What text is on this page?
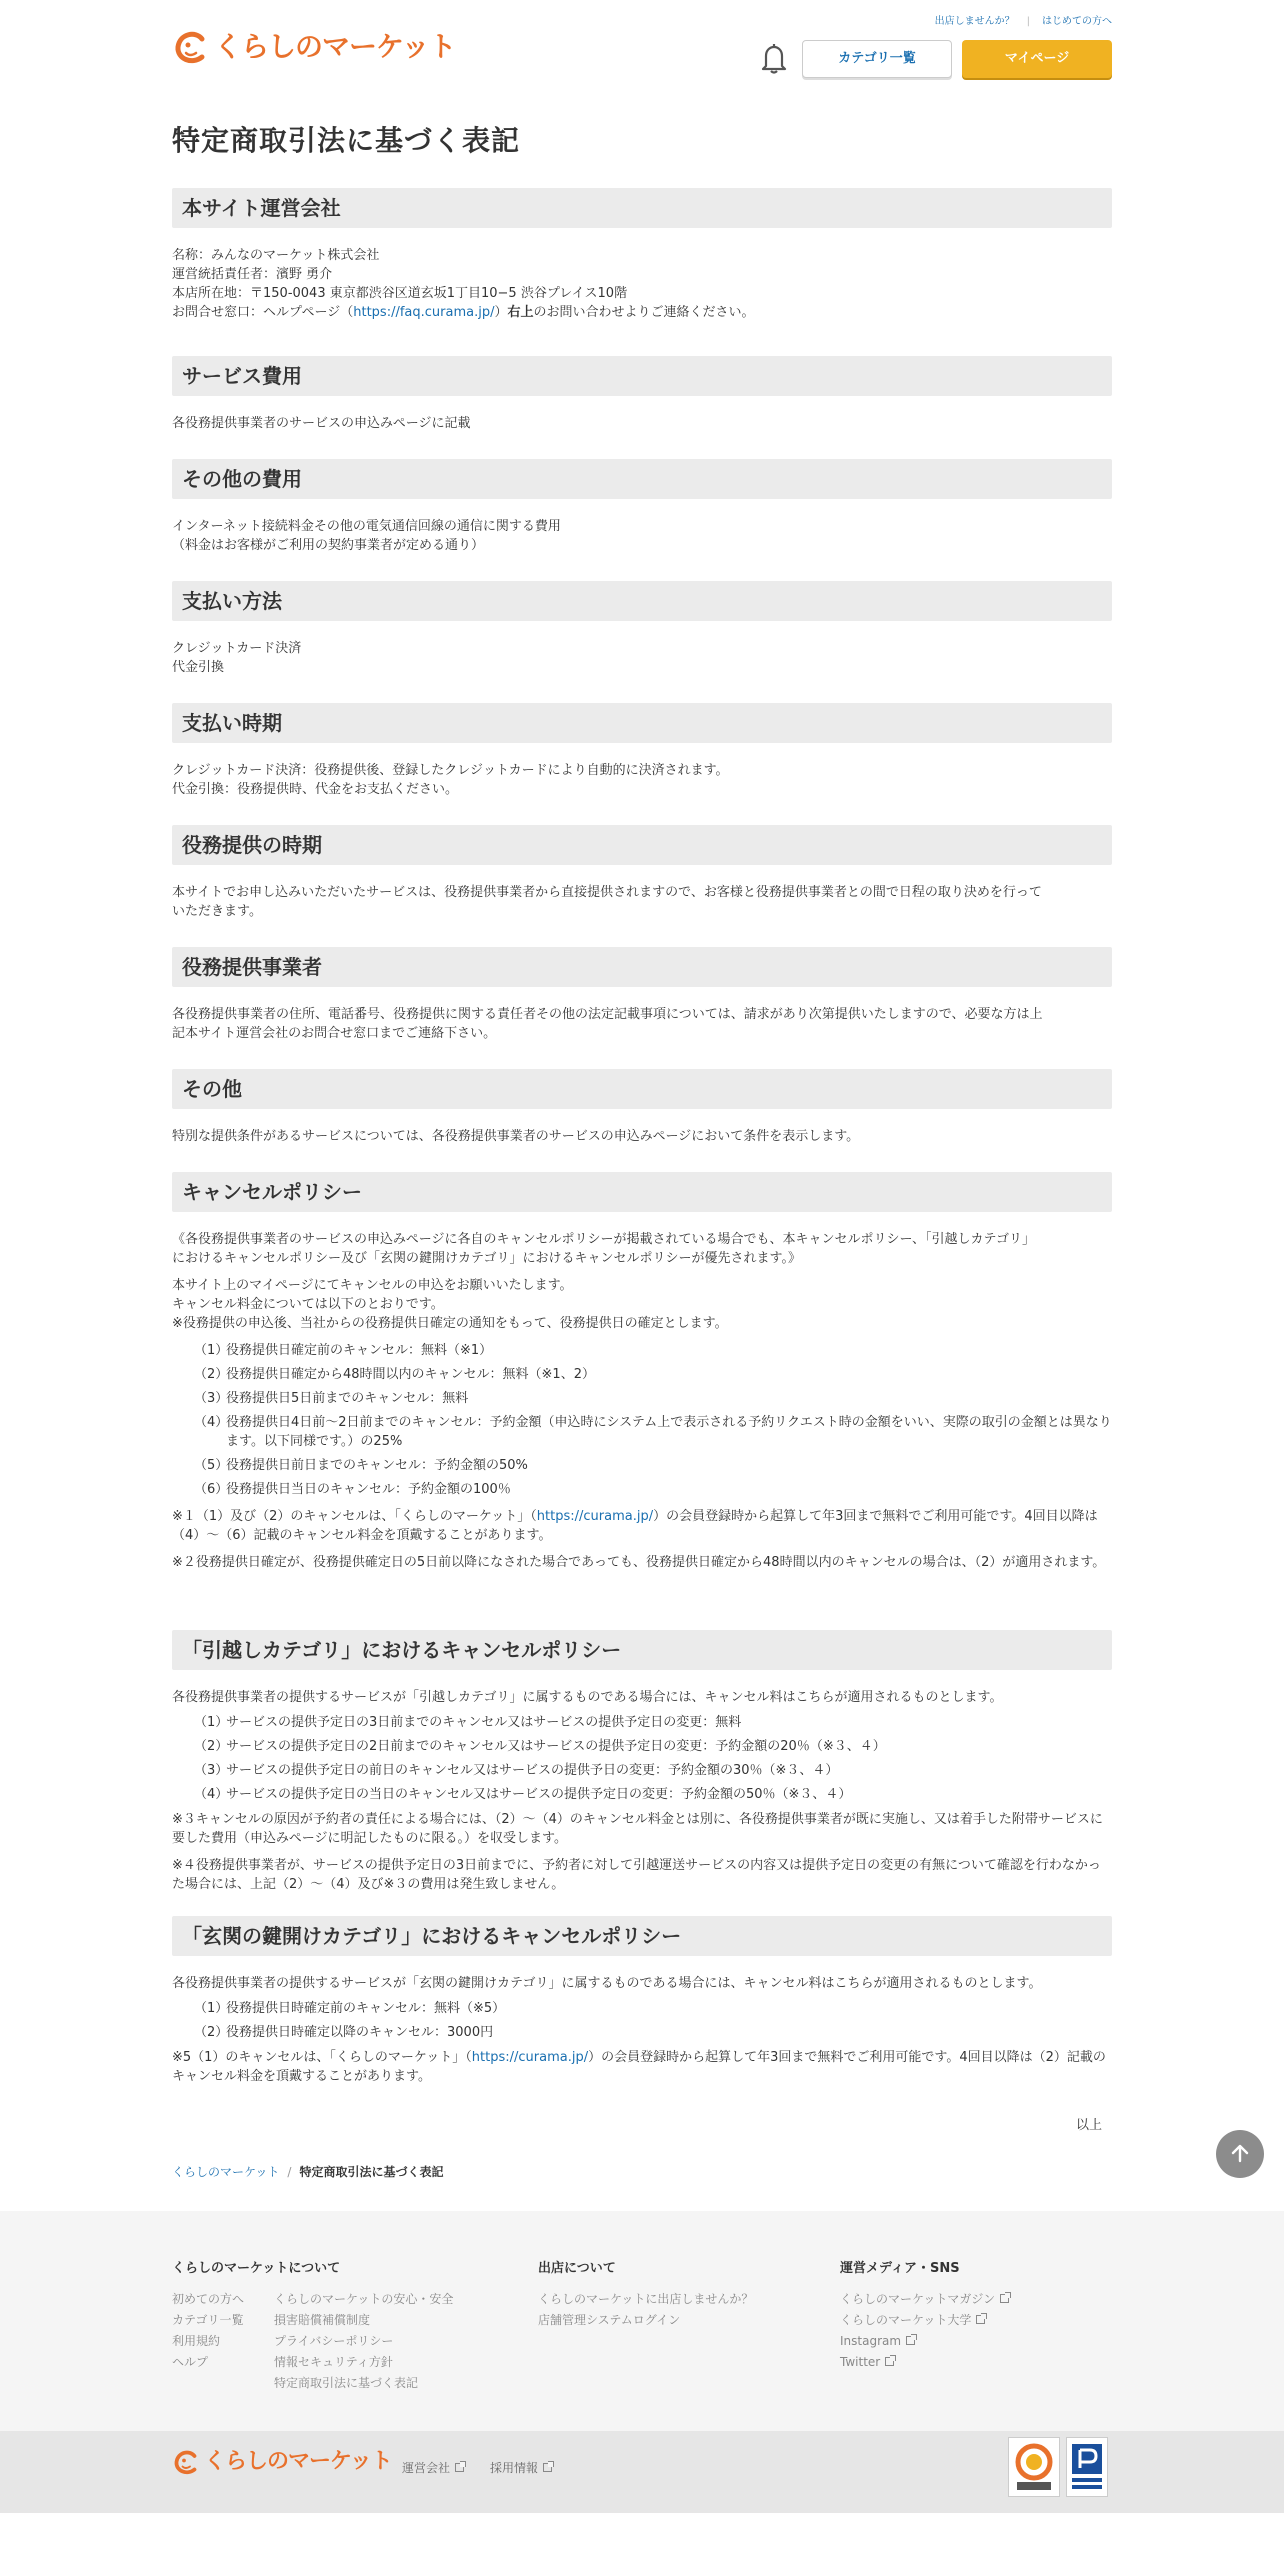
くらしのマーケット
出店しませんか？ | はじめての方へ
カテゴリ一覧	マイページ
特定商取引法に基づく表記
本サイト運営会社
名称：みんなのマーケット株式会社
運営統括責任者：濱野 勇介
本店所在地：〒150-0043 東京都渋谷区道玄坂1丁目10−5 渋谷プレイス10階
お問合せ窓口：ヘルプページ（https://faq.curama.jp/）右上のお問い合わせよりご連絡ください。
サービス費用
各役務提供事業者のサービスの申込みページに記載
その他の費用
インターネット接続料金その他の電気通信回線の通信に関する費用
（料金はお客様がご利用の契約事業者が定める通り）
支払い方法
クレジットカード決済
代金引換
支払い時期
クレジットカード決済：役務提供後、登録したクレジットカードにより自動的に決済されます。
代金引換：役務提供時、代金をお支払ください。
役務提供の時期
本サイトでお申し込みいただいたサービスは、役務提供事業者から直接提供されますので、お客様と役務提供事業者との間で日程の取り決めを行って
いただきます。
役務提供事業者
各役務提供事業者の住所、電話番号、役務提供に関する責任者その他の法定記載事項については、請求があり次第提供いたしますので、必要な方は上
記本サイト運営会社のお問合せ窓口までご連絡下さい。
その他
特別な提供条件があるサービスについては、各役務提供事業者のサービスの申込みページにおいて条件を表示します。
キャンセルポリシー
《各役務提供事業者のサービスの申込みページに各自のキャンセルポリシーが掲載されている場合でも、本キャンセルポリシー、「引越しカテゴリ」
におけるキャンセルポリシー及び「玄関の鍵開けカテゴリ」におけるキャンセルポリシーが優先されます。》
本サイト上のマイページにてキャンセルの申込をお願いいたします。
キャンセル料金については以下のとおりです。
※役務提供の申込後、当社からの役務提供日確定の通知をもって、役務提供日の確定とします。
（1）
役務提供日確定前のキャンセル：無料（※1）
（2）
役務提供日確定から48時間以内のキャンセル：無料（※1、2）
（3）
役務提供日5日前までのキャンセル：無料
（4）
役務提供日4日前～2日前までのキャンセル：予約金額（申込時にシステム上で表示される予約リクエスト時の金額をいい、実際の取引の金額とは異なります。以下同様です。）の25%
（5）
役務提供日前日までのキャンセル：予約金額の50%
（6）
役務提供日当日のキャンセル：予約金額の100％
※１（1）及び（2）のキャンセルは、「くらしのマーケット」（https://curama.jp/）の会員登録時から起算して年3回まで無料でご利用可能です。4回目以降は（4）〜（6）記載のキャンセル料金を頂戴することがあります。
※２役務提供日確定が、役務提供確定日の5日前以降になされた場合であっても、役務提供日確定から48時間以内のキャンセルの場合は、（2）が適用されます。
「引越しカテゴリ」におけるキャンセルポリシー
各役務提供事業者の提供するサービスが「引越しカテゴリ」に属するものである場合には、キャンセル料はこちらが適用されるものとします。
（1）
サービスの提供予定日の3日前までのキャンセル又はサービスの提供予定日の変更：無料
（2）
サービスの提供予定日の2日前までのキャンセル又はサービスの提供予定日の変更：予約金額の20％（※３、４）
（3）
サービスの提供予定日の前日のキャンセル又はサービスの提供予日の変更：予約金額の30％（※３、４）
（4）
サービスの提供予定日の当日のキャンセル又はサービスの提供予定日の変更：予約金額の50％（※３、４）
※３キャンセルの原因が予約者の責任による場合には、（2）〜（4）のキャンセル料金とは別に、各役務提供事業者が既に実施し、又は着手した附帯サービスに要した費用（申込みページに明記したものに限る。）を収受します。
※４役務提供事業者が、サービスの提供予定日の3日前までに、予約者に対して引越運送サービスの内容又は提供予定日の変更の有無について確認を行わなかった場合には、上記（2）～（4）及び※３の費用は発生致しません。
「玄関の鍵開けカテゴリ」におけるキャンセルポリシー
各役務提供事業者の提供するサービスが「玄関の鍵開けカテゴリ」に属するものである場合には、キャンセル料はこちらが適用されるものとします。
（1）
役務提供日時確定前のキャンセル：無料（※5）
（2）
役務提供日時確定以降のキャンセル：3000円
※5（1）のキャンセルは、「くらしのマーケット」（https://curama.jp/）の会員登録時から起算して年3回まで無料でご利用可能です。4回目以降は（2）記載のキャンセル料金を頂戴することがあります。
以上
くらしのマーケット / 特定商取引法に基づく表記
くらしのマーケットについて
初めての方へ
カテゴリ一覧
利用規約
ヘルプ
くらしのマーケットの安心・安全
損害賠償補償制度
プライバシーポリシー
情報セキュリティ方針
特定商取引法に基づく表記
出店について
くらしのマーケットに出店しませんか？
店舗管理システムログイン
運営メディア・SNS
くらしのマーケットマガジン
くらしのマーケット大学
Instagram
Twitter
くらしのマーケット 運営会社	採用情報
